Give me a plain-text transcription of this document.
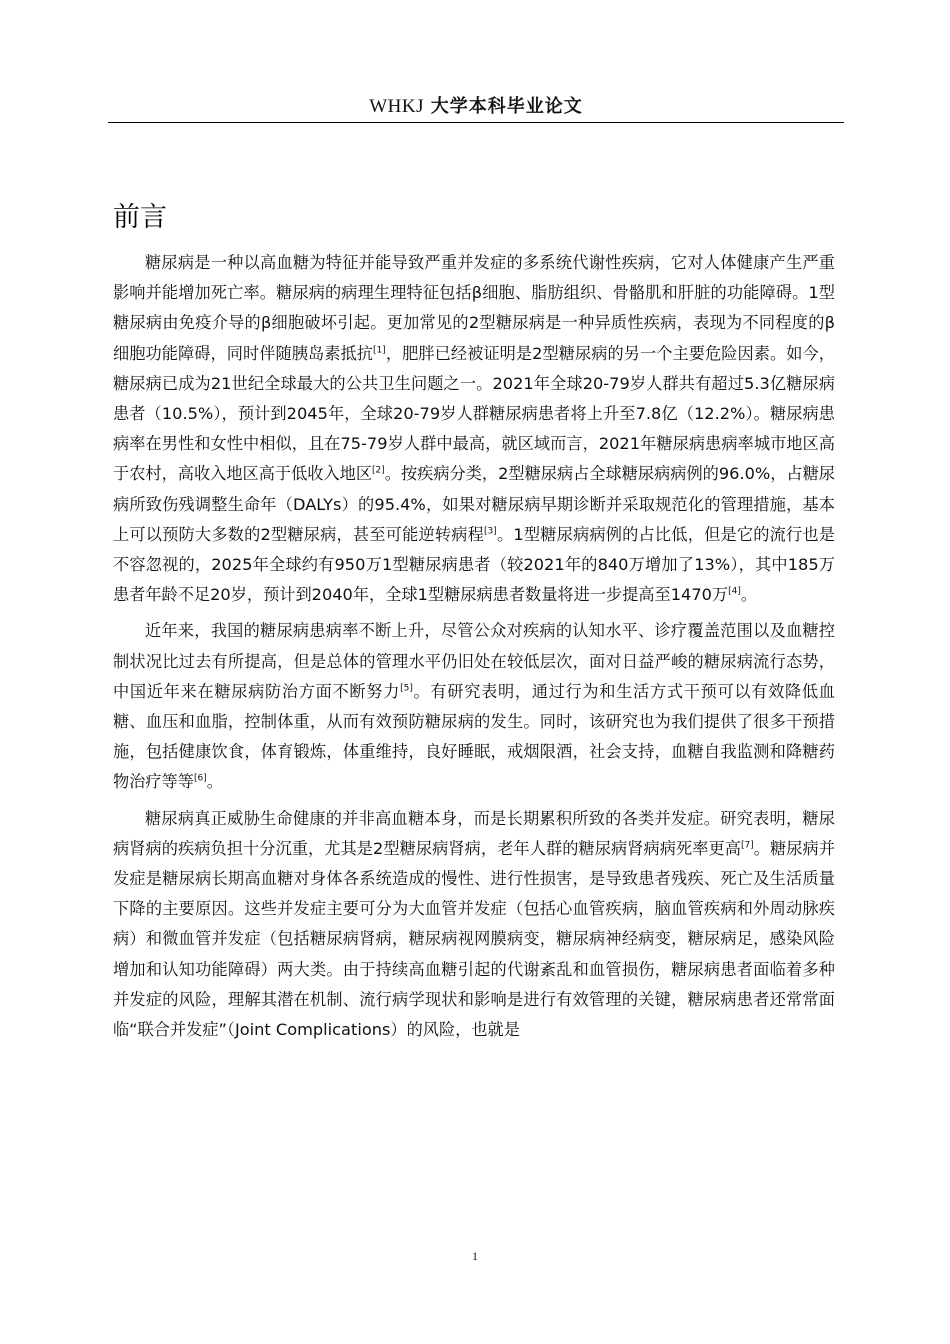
WHKJ 大学本科毕业论文
前言

糖尿病是一种以高血糖为特征并能导致严重并发症的多系统代谢性疾病，它对人体健康产生严重影响并能增加死亡率。糖尿病的病理生理特征包括β细胞、脂肪组织、骨骼肌和肝脏的功能障碍。1型糖尿病由免疫介导的β细胞破坏引起。更加常见的2型糖尿病是一种异质性疾病，表现为不同程度的β细胞功能障碍，同时伴随胰岛素抵抗[1]，肥胖已经被证明是2型糖尿病的另一个主要危险因素。如今，糖尿病已成为21世纪全球最大的公共卫生问题之一。2021年全球20-79岁人群共有超过5.3亿糖尿病患者（10.5%），预计到2045年，全球20-79岁人群糖尿病患者将上升至7.8亿（12.2%）。糖尿病患病率在男性和女性中相似，且在75-79岁人群中最高，就区域而言，2021年糖尿病患病率城市地区高于农村，高收入地区高于低收入地区[2]。按疾病分类，2型糖尿病占全球糖尿病病例的96.0%，占糖尿病所致伤残调整生命年（DALYs）的95.4%，如果对糖尿病早期诊断并采取规范化的管理措施，基本上可以预防大多数的2型糖尿病，甚至可能逆转病程[3]。1型糖尿病病例的占比低，但是它的流行也是不容忽视的，2025年全球约有950万1型糖尿病患者（较2021年的840万增加了13%），其中185万患者年龄不足20岁，预计到2040年，全球1型糖尿病患者数量将进一步提高至1470万[4]。

近年来，我国的糖尿病患病率不断上升，尽管公众对疾病的认知水平、诊疗覆盖范围以及血糖控制状况比过去有所提高，但是总体的管理水平仍旧处在较低层次，面对日益严峻的糖尿病流行态势，中国近年来在糖尿病防治方面不断努力[5]。有研究表明，通过行为和生活方式干预可以有效降低血糖、血压和血脂，控制体重，从而有效预防糖尿病的发生。同时，该研究也为我们提供了很多干预措施，包括健康饮食，体育锻炼，体重维持，良好睡眠，戒烟限酒，社会支持，血糖自我监测和降糖药物治疗等等[6]。

糖尿病真正威胁生命健康的并非高血糖本身，而是长期累积所致的各类并发症。研究表明，糖尿病肾病的疾病负担十分沉重，尤其是2型糖尿病肾病，老年人群的糖尿病肾病病死率更高[7]。糖尿病并发症是糖尿病长期高血糖对身体各系统造成的慢性、进行性损害，是导致患者残疾、死亡及生活质量下降的主要原因。这些并发症主要可分为大血管并发症（包括心血管疾病，脑血管疾病和外周动脉疾病）和微血管并发症（包括糖尿病肾病，糖尿病视网膜病变，糖尿病神经病变，糖尿病足，感染风险增加和认知功能障碍）两大类。由于持续高血糖引起的代谢紊乱和血管损伤，糖尿病患者面临着多种并发症的风险，理解其潜在机制、流行病学现状和影响是进行有效管理的关键，糖尿病患者还常常面临“联合并发症”（Joint Complications）的风险，也就是

1
